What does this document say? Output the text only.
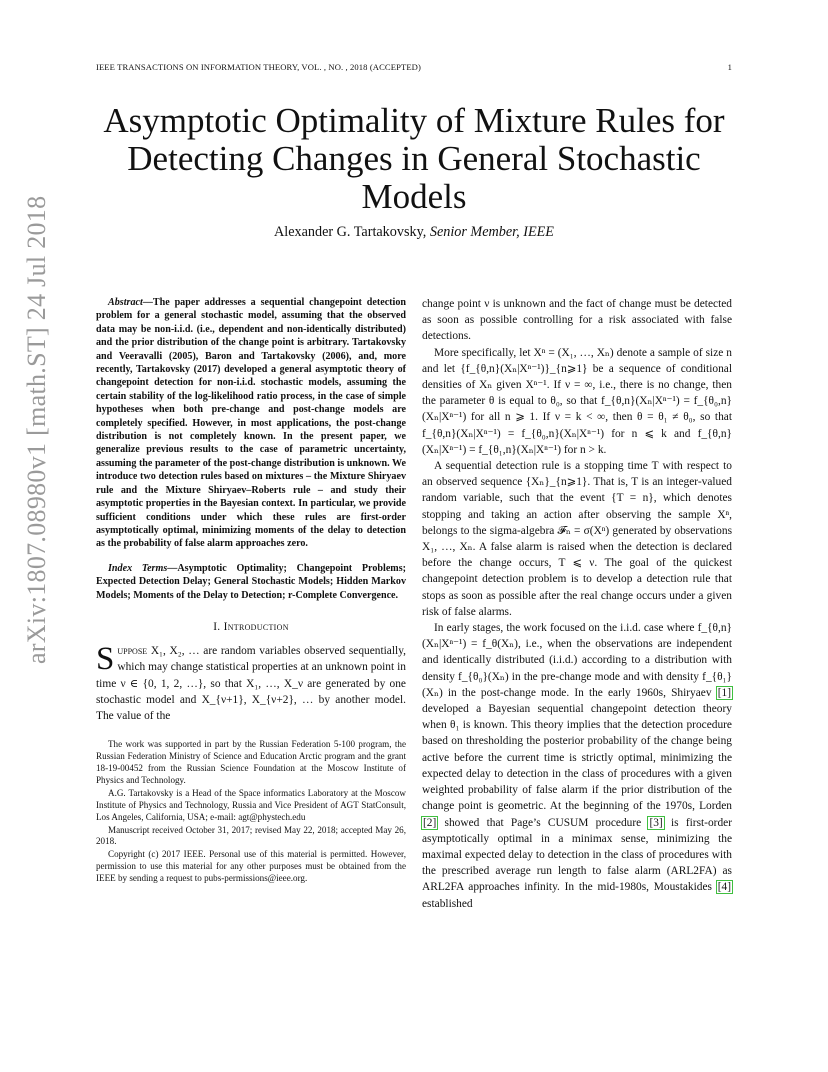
IEEE TRANSACTIONS ON INFORMATION THEORY, VOL. , NO. , 2018 (ACCEPTED)	1
arXiv:1807.08980v1 [math.ST] 24 Jul 2018
Asymptotic Optimality of Mixture Rules for Detecting Changes in General Stochastic Models
Alexander G. Tartakovsky, Senior Member, IEEE
Abstract—The paper addresses a sequential changepoint detection problem for a general stochastic model, assuming that the observed data may be non-i.i.d. (i.e., dependent and non-identically distributed) and the prior distribution of the change point is arbitrary. Tartakovsky and Veeravalli (2005), Baron and Tartakovsky (2006), and, more recently, Tartakovsky (2017) developed a general asymptotic theory of changepoint detection for non-i.i.d. stochastic models, assuming the certain stability of the log-likelihood ratio process, in the case of simple hypotheses when both pre-change and post-change models are completely specified. However, in most applications, the post-change distribution is not completely known. In the present paper, we generalize previous results to the case of parametric uncertainty, assuming the parameter of the post-change distribution is unknown. We introduce two detection rules based on mixtures – the Mixture Shiryaev rule and the Mixture Shiryaev–Roberts rule – and study their asymptotic properties in the Bayesian context. In particular, we provide sufficient conditions under which these rules are first-order asymptotically optimal, minimizing moments of the delay to detection as the probability of false alarm approaches zero.
Index Terms—Asymptotic Optimality; Changepoint Problems; Expected Detection Delay; General Stochastic Models; Hidden Markov Models; Moments of the Delay to Detection; r-Complete Convergence.
I. Introduction
Suppose X₁, X₂, … are random variables observed sequentially, which may change statistical properties at an unknown point in time ν ∈ {0, 1, 2, …}, so that X₁, …, X_ν are generated by one stochastic model and X_{ν+1}, X_{ν+2}, … by another model. The value of the

The work was supported in part by the Russian Federation 5-100 program, the Russian Federation Ministry of Science and Education Arctic program and the grant 18-19-00452 from the Russian Science Foundation at the Moscow Institute of Physics and Technology.

A.G. Tartakovsky is a Head of the Space informatics Laboratory at the Moscow Institute of Physics and Technology, Russia and Vice President of AGT StatConsult, Los Angeles, California, USA; e-mail: agt@phystech.edu

Manuscript received October 31, 2017; revised May 22, 2018; accepted May 26, 2018.

Copyright (c) 2017 IEEE. Personal use of this material is permitted. However, permission to use this material for any other purposes must be obtained from the IEEE by sending a request to pubs-permissions@ieee.org.

change point ν is unknown and the fact of change must be detected as soon as possible controlling for a risk associated with false detections.

More specifically, let Xⁿ = (X₁, …, Xₙ) denote a sample of size n and let {f_{θ,n}(Xₙ|Xⁿ⁻¹)}_{n⩾1} be a sequence of conditional densities of Xₙ given Xⁿ⁻¹. If ν = ∞, i.e., there is no change, then the parameter θ is equal to θ₀, so that f_{θ,n}(Xₙ|Xⁿ⁻¹) = f_{θ₀,n}(Xₙ|Xⁿ⁻¹) for all n ⩾ 1. If ν = k < ∞, then θ = θ₁ ≠ θ₀, so that f_{θ,n}(Xₙ|Xⁿ⁻¹) = f_{θ₀,n}(Xₙ|Xⁿ⁻¹) for n ⩽ k and f_{θ,n}(Xₙ|Xⁿ⁻¹) = f_{θ₁,n}(Xₙ|Xⁿ⁻¹) for n > k.

A sequential detection rule is a stopping time T with respect to an observed sequence {Xₙ}_{n⩾1}. That is, T is an integer-valued random variable, such that the event {T = n}, which denotes stopping and taking an action after observing the sample Xⁿ, belongs to the sigma-algebra 𝓕ₙ = σ(Xⁿ) generated by observations X₁, …, Xₙ. A false alarm is raised when the detection is declared before the change occurs, T ⩽ ν. The goal of the quickest changepoint detection problem is to develop a detection rule that stops as soon as possible after the real change occurs under a given risk of false alarms.

In early stages, the work focused on the i.i.d. case where f_{θ,n}(Xₙ|Xⁿ⁻¹) = f_θ(Xₙ), i.e., when the observations are independent and identically distributed (i.i.d.) according to a distribution with density f_{θ₀}(Xₙ) in the pre-change mode and with density f_{θ₁}(Xₙ) in the post-change mode. In the early 1960s, Shiryaev [1] developed a Bayesian sequential changepoint detection theory when θ₁ is known. This theory implies that the detection procedure based on thresholding the posterior probability of the change being active before the current time is strictly optimal, minimizing the expected delay to detection in the class of procedures with a given weighted probability of false alarm if the prior distribution of the change point is geometric. At the beginning of the 1970s, Lorden [2] showed that Page’s CUSUM procedure [3] is first-order asymptotically optimal in a minimax sense, minimizing the maximal expected delay to detection in the class of procedures with the prescribed average run length to false alarm (ARL2FA) as ARL2FA approaches infinity. In the mid-1980s, Moustakides [4] established
